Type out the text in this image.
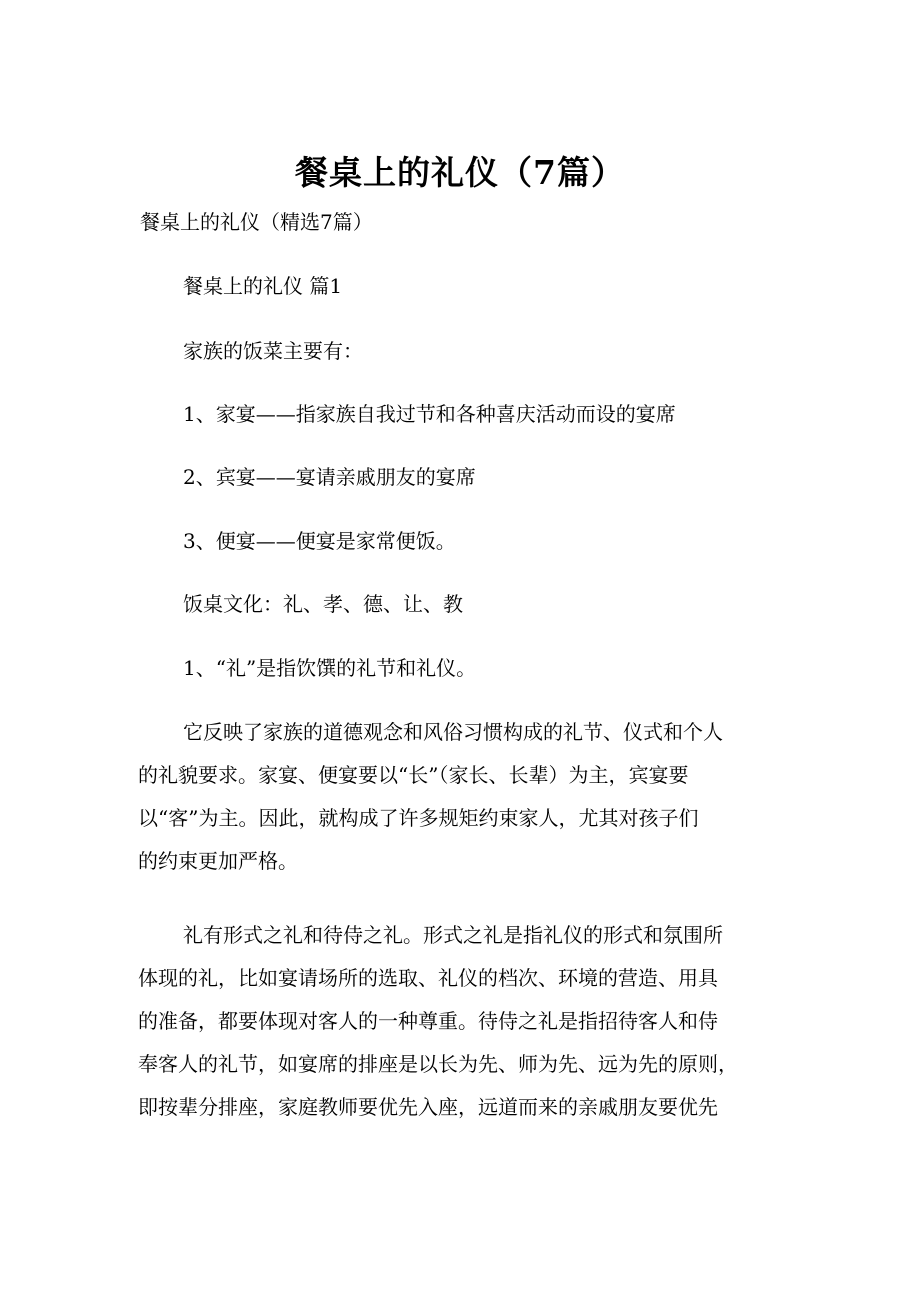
餐桌上的礼仪（7篇）
餐桌上的礼仪（精选7篇）
餐桌上的礼仪 篇1
家族的饭菜主要有：
1、家宴——指家族自我过节和各种喜庆活动而设的宴席
2、宾宴——宴请亲戚朋友的宴席
3、便宴——便宴是家常便饭。
饭桌文化：礼、孝、德、让、教
1、“礼”是指饮馔的礼节和礼仪。
它反映了家族的道德观念和风俗习惯构成的礼节、仪式和个人
的礼貌要求。家宴、便宴要以“长”（家长、长辈）为主，宾宴要
以“客”为主。因此，就构成了许多规矩约束家人，尤其对孩子们
的约束更加严格。
礼有形式之礼和待侍之礼。形式之礼是指礼仪的形式和氛围所
体现的礼，比如宴请场所的选取、礼仪的档次、环境的营造、用具
的准备，都要体现对客人的一种尊重。待侍之礼是指招待客人和侍
奉客人的礼节，如宴席的排座是以长为先、师为先、远为先的原则，
即按辈分排座，家庭教师要优先入座，远道而来的亲戚朋友要优先
